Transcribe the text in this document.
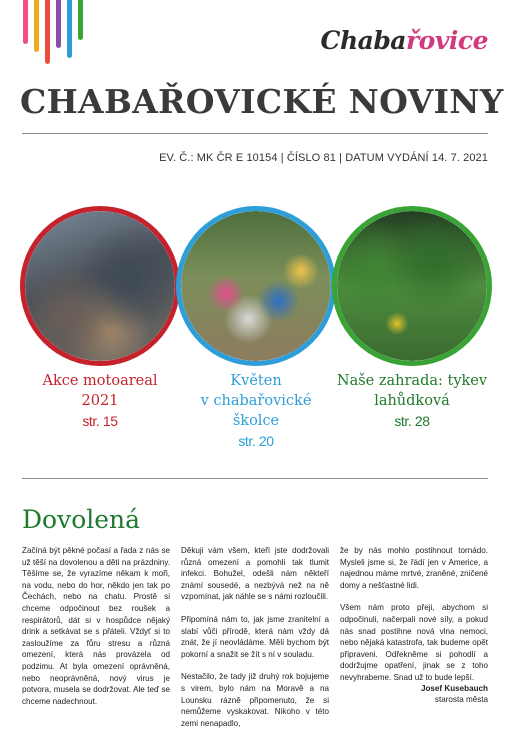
Chabařovice
CHABAŘOVICKÉ NOVINY
EV. Č.: MK ČR E 10154 | ČÍSLO 81 | DATUM VYDÁNÍ 14. 7. 2021
Akce motoareal
2021
str. 15
Květen
v chabařovické školce
str. 20
Naše zahrada: tykev
lahůdková
str. 28
Dovolená

Začíná být pěkné počasí a řada z nás se už těší na dovolenou a děti na prázdniny. Těšíme se, že vyrazíme někam k moři, na vodu, nebo do hor, někdo jen tak po Čechách, nebo na chatu. Prostě si chceme odpočinout bez roušek a respirátorů, dát si v hospůdce nějaký drink a setkávat se s přáteli. Vždyť si to zasloužíme za fůru stresu a různá omezení, která nás provázela od podzimu. At byla omezení oprávněná, nebo neoprávněná, nový virus je potvora, musela se dodržovat. Ale teď se chceme nadechnout.

Děkuji vám všem, kteří jste dodržovali různá omezení a pomohli tak tlumit infekci. Bohužel, odešli nám někteří známí sousedé, a nezbývá než na ně vzpomínat, jak náhle se s námi rozloučili.

Připomíná nám to, jak jsme zranitelní a slabí vůči přírodě, která nám vždy dá znát, že jí neovládáme. Měli bychom být pokorní a snažit se žít s ní v souladu.

Nestačilo, že tady již druhý rok bojujeme s virem, bylo nám na Moravě a na Lounsku rázně připomenuto, že si nemůžeme vyskakovat. Nikoho v této zemi nenapadlo,

že by nás mohlo postihnout tornádo. Mysleli jsme si, že řádí jen v Americe, a najednou máme mrtvé, zraněné, zničené domy a nešťastné lidi.

Všem nám proto přeji, abychom si odpočinuli, načerpali nové síly, a pokud nás snad postihne nová vlna nemoci, nebo nějaká katastrofa, tak budeme opět připraveni. Odřekněme si pohodlí a dodržujme opatření, jinak se z toho nevyhrabeme. Snad už to bude lepší.

Josef Kusebauch
starosta města
